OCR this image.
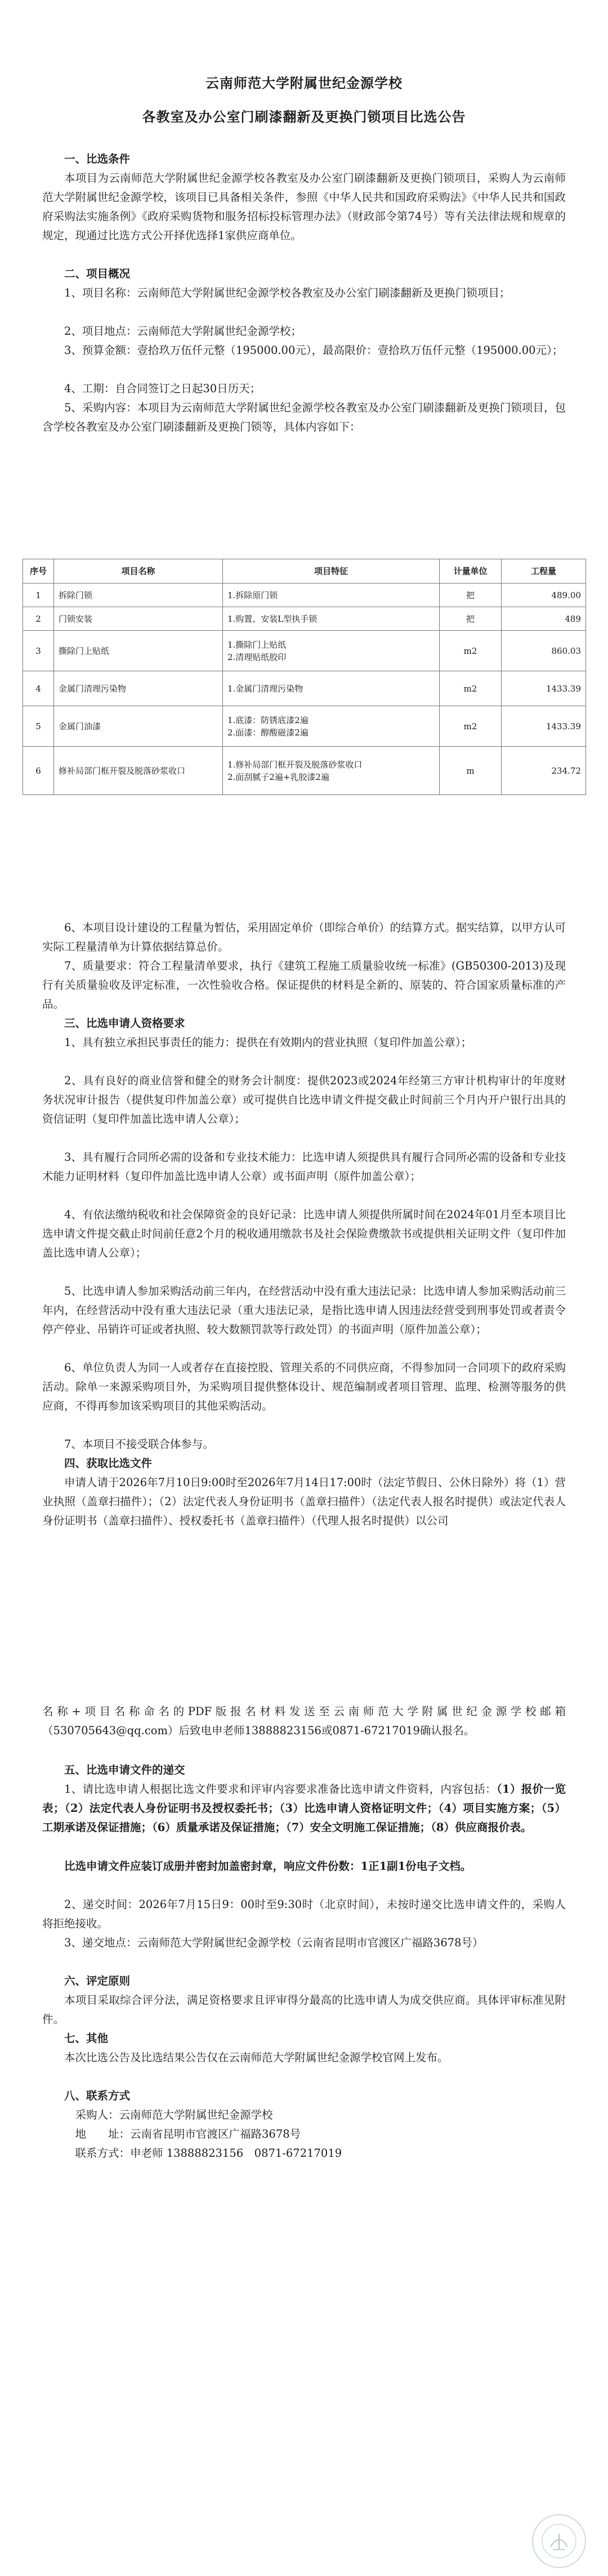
云南师范大学附属世纪金源学校
各教室及办公室门刷漆翻新及更换门锁项目比选公告

一、比选条件

本项目为云南师范大学附属世纪金源学校各教室及办公室门刷漆翻新及更换门锁项目，采购人为云南师范大学附属世纪金源学校，该项目已具备相关条件，参照《中华人民共和国政府采购法》《中华人民共和国政府采购法实施条例》《政府采购货物和服务招标投标管理办法》（财政部令第74号）等有关法律法规和规章的规定，现通过比选方式公开择优选择1家供应商单位。

二、项目概况

1、项目名称：云南师范大学附属世纪金源学校各教室及办公室门刷漆翻新及更换门锁项目；

2、项目地点：云南师范大学附属世纪金源学校；

3、预算金额：壹拾玖万伍仟元整（195000.00元），最高限价：壹拾玖万伍仟元整（195000.00元）；

4、工期：自合同签订之日起30日历天；

5、采购内容：本项目为云南师范大学附属世纪金源学校各教室及办公室门刷漆翻新及更换门锁项目，包含学校各教室及办公室门刷漆翻新及更换门锁等，具体内容如下：

序号	项目名称	项目特征	计量单位	工程量
1	拆除门锁	1.拆除原门锁	把	489.00
2	门锁安装	1.购置、安装L型执手锁	把	489
3	撕除门上贴纸	1.撕除门上贴纸
2.清理贴纸胶印	m2	860.03
4	金属门清理污染物	1.金属门清理污染物	m2	1433.39
5	金属门油漆	1.底漆：防锈底漆2遍
2.面漆：醇酸磁漆2遍	m2	1433.39
6	修补局部门框开裂及脱落砂浆收口	1.修补局部门框开裂及脱落砂浆收口
2.面刮腻子2遍+乳胶漆2遍	m	234.72

6、本项目设计建设的工程量为暂估，采用固定单价（即综合单价）的结算方式。据实结算，以甲方认可实际工程量清单为计算依据结算总价。

7、质量要求：符合工程量清单要求，执行《建筑工程施工质量验收统一标准》(GB50300-2013)及现行有关质量验收及评定标准，一次性验收合格。保证提供的材料是全新的、原装的、符合国家质量标准的产品。

三、比选申请人资格要求

1、具有独立承担民事责任的能力：提供在有效期内的营业执照（复印件加盖公章）；

2、具有良好的商业信誉和健全的财务会计制度：提供2023或2024年经第三方审计机构审计的年度财务状况审计报告（提供复印件加盖公章）或可提供自比选申请文件提交截止时间前三个月内开户银行出具的资信证明（复印件加盖比选申请人公章）；

3、具有履行合同所必需的设备和专业技术能力：比选申请人须提供具有履行合同所必需的设备和专业技术能力证明材料（复印件加盖比选申请人公章）或书面声明（原件加盖公章）；

4、有依法缴纳税收和社会保障资金的良好记录：比选申请人须提供所属时间在2024年01月至本项目比选申请文件提交截止时间前任意2个月的税收通用缴款书及社会保险费缴款书或提供相关证明文件（复印件加盖比选申请人公章）；

5、比选申请人参加采购活动前三年内，在经营活动中没有重大违法记录：比选申请人参加采购活动前三年内，在经营活动中没有重大违法记录（重大违法记录，是指比选申请人因违法经营受到刑事处罚或者责令停产停业、吊销许可证或者执照、较大数额罚款等行政处罚）的书面声明（原件加盖公章）；

6、单位负责人为同一人或者存在直接控股、管理关系的不同供应商，不得参加同一合同项下的政府采购活动。除单一来源采购项目外，为采购项目提供整体设计、规范编制或者项目管理、监理、检测等服务的供应商，不得再参加该采购项目的其他采购活动。

7、本项目不接受联合体参与。

四、获取比选文件

申请人请于2026年7月10日9:00时至2026年7月14日17:00时（法定节假日、公休日除外）将（1）营业执照（盖章扫描件）；（2）法定代表人身份证明书（盖章扫描件）（法定代表人报名时提供）或法定代表人身份证明书（盖章扫描件）、授权委托书（盖章扫描件）（代理人报名时提供）以公司

名称+项目名称命名的PDF版报名材料发送至云南师范大学附属世纪金源学校邮箱（530705643@qq.com）后致电申老师13888823156或0871-67217019确认报名。

五、比选申请文件的递交

1、请比选申请人根据比选文件要求和评审内容要求准备比选申请文件资料，内容包括：（1）报价一览表；（2）法定代表人身份证明书及授权委托书；（3）比选申请人资格证明文件；（4）项目实施方案；（5）工期承诺及保证措施；（6）质量承诺及保证措施；（7）安全文明施工保证措施；（8）供应商报价表。

比选申请文件应装订成册并密封加盖密封章，响应文件份数：1正1副1份电子文档。

2、递交时间：2026年7月15日9：00时至9:30时（北京时间），未按时递交比选申请文件的，采购人将拒绝接收。

3、递交地点：云南师范大学附属世纪金源学校（云南省昆明市官渡区广福路3678号）

六、评定原则

本项目采取综合评分法，满足资格要求且评审得分最高的比选申请人为成交供应商。具体评审标准见附件。

七、其他

本次比选公告及比选结果公告仅在云南师范大学附属世纪金源学校官网上发布。

八、联系方式

采购人：云南师范大学附属世纪金源学校

地　　址：云南省昆明市官渡区广福路3678号

联系方式：申老师 13888823156　0871-67217019
